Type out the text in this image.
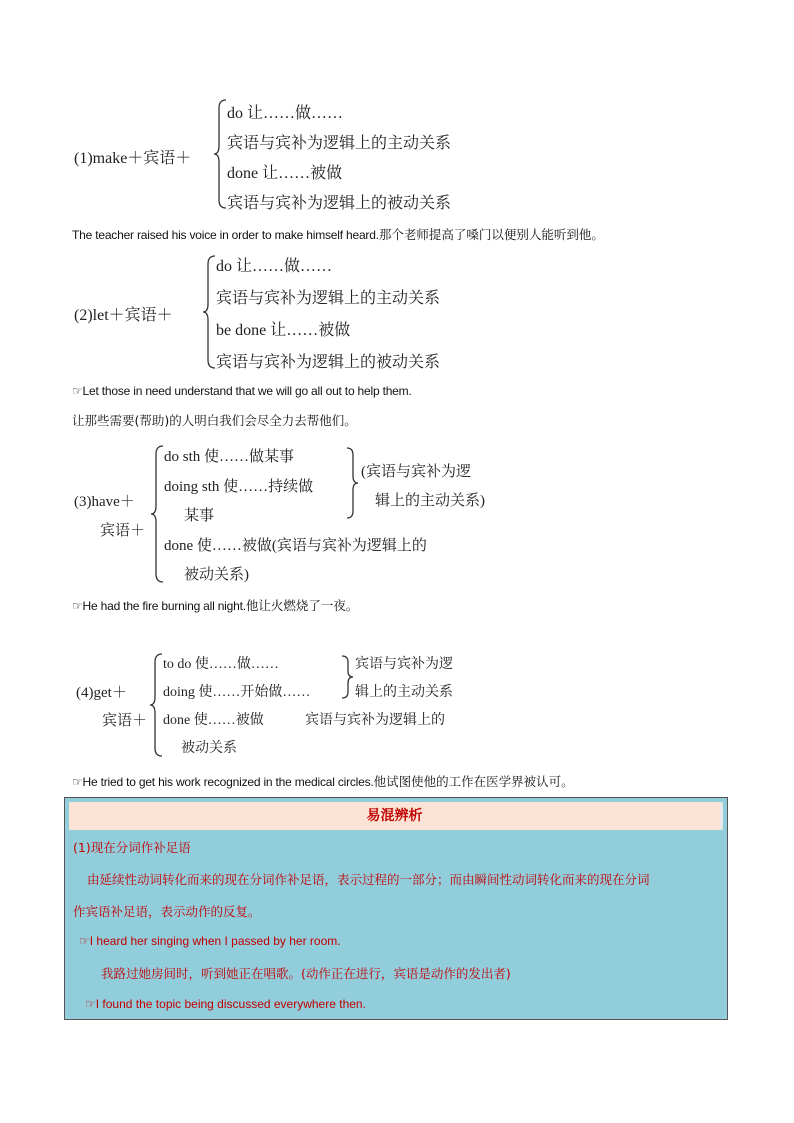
(1)make＋宾语＋
do 让……做……
宾语与宾补为逻辑上的主动关系
done 让……被做
宾语与宾补为逻辑上的被动关系
The teacher raised his voice in order to make himself heard.那个老师提高了嗓门以便别人能听到他。
(2)let＋宾语＋
do 让……做……
宾语与宾补为逻辑上的主动关系
be done 让……被做
宾语与宾补为逻辑上的被动关系
☞Let those in need understand that we will go all out to help them.
让那些需要(帮助)的人明白我们会尽全力去帮他们。
(3)have＋
宾语＋
do sth 使……做某事
doing sth 使……持续做
某事
(宾语与宾补为逻
辑上的主动关系)
done 使……被做(宾语与宾补为逻辑上的
被动关系)
☞He had the fire burning all night.他让火燃烧了一夜。
(4)get＋
宾语＋
to do 使……做……
doing 使……开始做……
宾语与宾补为逻
辑上的主动关系
done 使……被做	宾语与宾补为逻辑上的
被动关系
☞He tried to get his work recognized in the medical circles.他试图使他的工作在医学界被认可。
易混辨析
(1)现在分词作补足语
由延续性动词转化而来的现在分词作补足语，表示过程的一部分；而由瞬间性动词转化而来的现在分词
作宾语补足语，表示动作的反复。
☞I heard her singing when I passed by her room.
我路过她房间时，听到她正在唱歌。(动作正在进行，宾语是动作的发出者)
☞I found the topic being discussed everywhere then.
